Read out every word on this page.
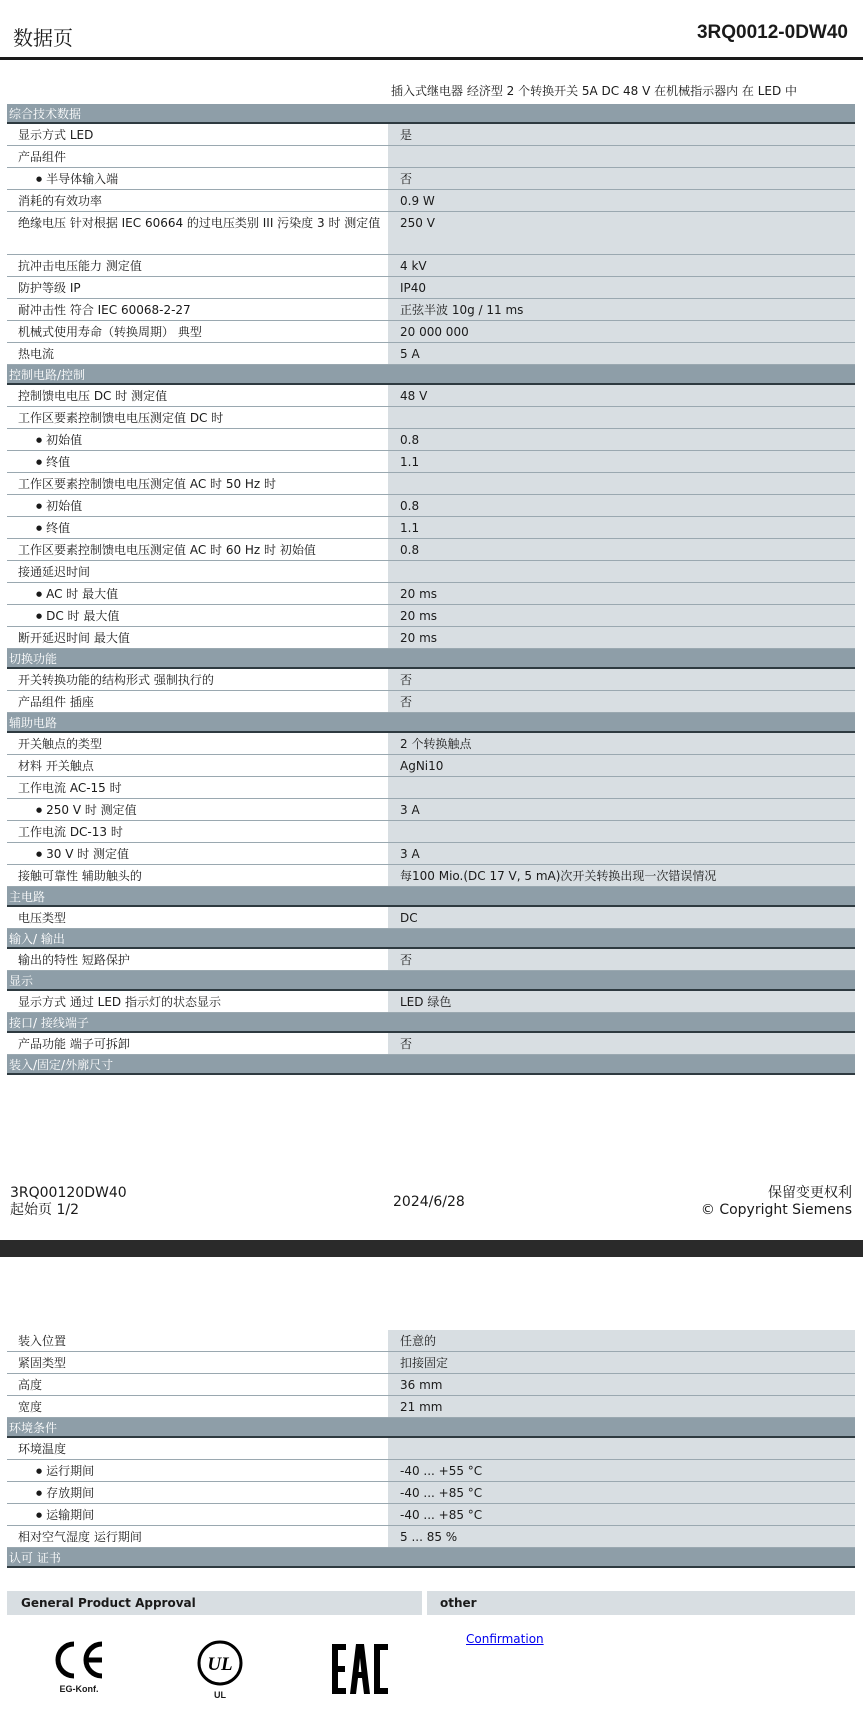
数据页	3RQ0012-0DW40
插入式继电器 经济型 2 个转换开关 5A DC 48 V 在机械指示器内 在 LED 中
综合技术数据
显示方式 LED	是
产品组件
● 半导体输入端	否
消耗的有效功率	0.9 W
绝缘电压 针对根据 IEC 60664 的过电压类别 III 污染度 3 时 测定值	250 V
抗冲击电压能力 测定值	4 kV
防护等级 IP	IP40
耐冲击性 符合 IEC 60068-2-27	正弦半波 10g / 11 ms
机械式使用寿命（转换周期） 典型	20 000 000
热电流	5 A
控制电路/控制
控制馈电电压 DC 时 测定值	48 V
工作区要素控制馈电电压测定值 DC 时
● 初始值	0.8
● 终值	1.1
工作区要素控制馈电电压测定值 AC 时 50 Hz 时
● 初始值	0.8
● 终值	1.1
工作区要素控制馈电电压测定值 AC 时 60 Hz 时 初始值	0.8
接通延迟时间
● AC 时 最大值	20 ms
● DC 时 最大值	20 ms
断开延迟时间 最大值	20 ms
切换功能
开关转换功能的结构形式 强制执行的	否
产品组件 插座	否
辅助电路
开关触点的类型	2 个转换触点
材料 开关触点	AgNi10
工作电流 AC-15 时
● 250 V 时 测定值	3 A
工作电流 DC-13 时
● 30 V 时 测定值	3 A
接触可靠性 辅助触头的	每100 Mio.(DC 17 V, 5 mA)次开关转换出现一次错误情况
主电路
电压类型	DC
输入/ 输出
输出的特性 短路保护	否
显示
显示方式 通过 LED 指示灯的状态显示	LED 绿色
接口/ 接线端子
产品功能 端子可拆卸	否
装入/固定/外廓尺寸
3RQ00120DW40
起始页 1/2	2024/6/28
保留变更权利
© Copyright Siemens
装入位置	任意的
紧固类型	扣接固定
高度	36 mm
宽度	21 mm
环境条件
环境温度
● 运行期间	-40 ... +55 °C
● 存放期间	-40 ... +85 °C
● 运输期间	-40 ... +85 °C
相对空气湿度 运行期间	5 ... 85 %
认可 证书
General Product Approval	other
EG-Konf.
UL
UL
Confirmation
